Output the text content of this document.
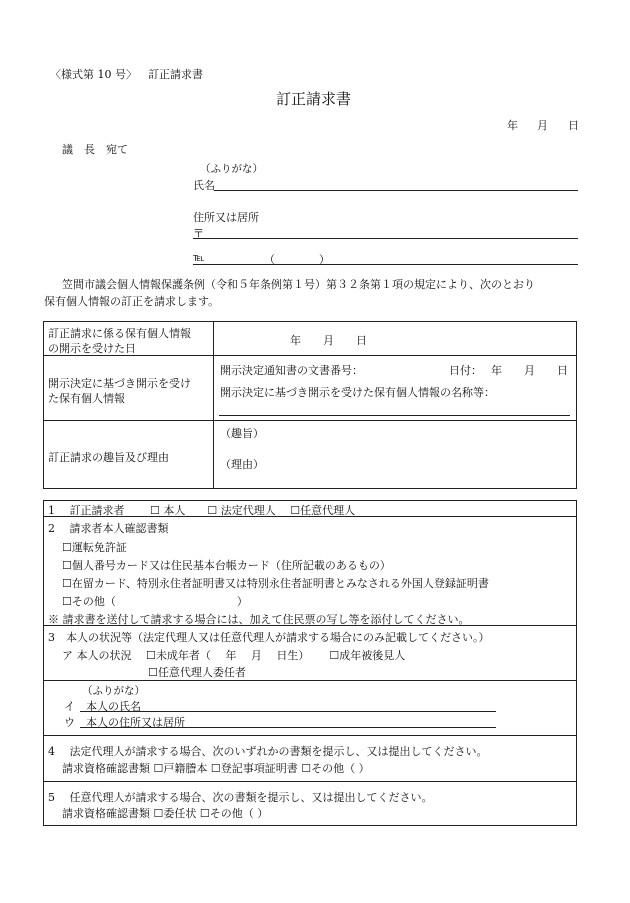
〈様式第 10 号〉 訂正請求書
訂正請求書
年 月 日
議　長　宛て
（ふりがな）
氏名
住所又は居所
〒
℡	（　　　　）
笠間市議会個人情報保護条例（令和５年条例第１号）第３２条第１項の規定により、次のとおり
保有個人情報の訂正を請求します。
訂正請求に係る保有個人情報
の開示を受けた日
年　　月　　日
開示決定に基づき開示を受け
た保有個人情報
開示決定通知書の文書番号：	日付：　 年　　月　　日
開示決定に基づき開示を受けた保有個人情報の名称等：
訂正請求の趣旨及び理由
（趣旨）
（理由）
1　 訂正請求者　　 ☐ 本人　　☐ 法定代理人　 ☐任意代理人
2　 請求者本人確認書類
☐運転免許証
☐個人番号カード又は住民基本台帳カード（住所記載のあるもの）
☐在留カード、特別永住者証明書又は特別永住者証明書とみなされる外国人登録証明書
☐その他（　　　　　　　　　　　）
※ 請求書を送付して請求する場合には、加えて住民票の写し等を添付してください。
3　本人の状況等（法定代理人又は任意代理人が請求する場合にのみ記載してください。）
ア 本人の状況　 ☐未成年者（　 年　 月　 日生）　　 ☐成年被後見人
☐任意代理人委任者
（ふりがな）
イ　本人の氏名
ウ　本人の住所又は居所
4　 法定代理人が請求する場合、次のいずれかの書類を提示し、又は提出してください。
請求資格確認書類 ☐戸籍謄本 ☐登記事項証明書 ☐その他（ ）
5　 任意代理人が請求する場合、次の書類を提示し、又は提出してください。
請求資格確認書類 ☐委任状 ☐その他（ ）
